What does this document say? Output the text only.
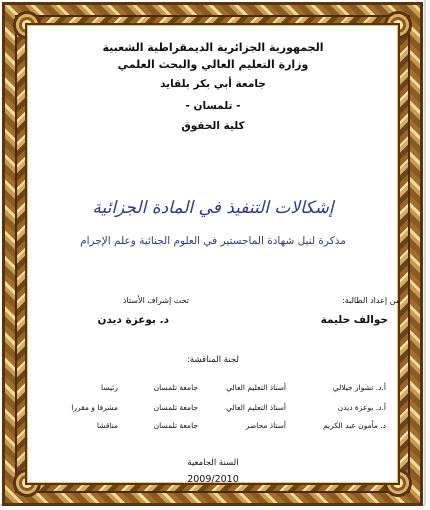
الجمهورية الجزائرية الديمقراطية الشعبية
وزارة التعليم العالي والبحث العلمي
جامعة أبي بكر بلقايد
- تلمسان -
كلية الحقوق
إشكالات التنفيذ في المادة الجزائية
مذكرة لنيل شهادة الماجستير في العلوم الجنائية وعلم الإجرام
من إعداد الطالبة:
حوالف حليمة
تحت إشراف الأستاذ
د. بوعزة ديدن
لجنة المناقشة:
أ.د. تشوار جيلالي
أستاذ التعليم العالي
جامعة تلمسان
رئيسا
أ.د. بوعزة ديدن
أستاذ التعليم العالي
جامعة تلمسان
مشرفا و مقررا
د. مأمون عبد الكريم
أستاذ محاضر
جامعة تلمسان
مناقشا
السنة الجامعية
2009/2010
